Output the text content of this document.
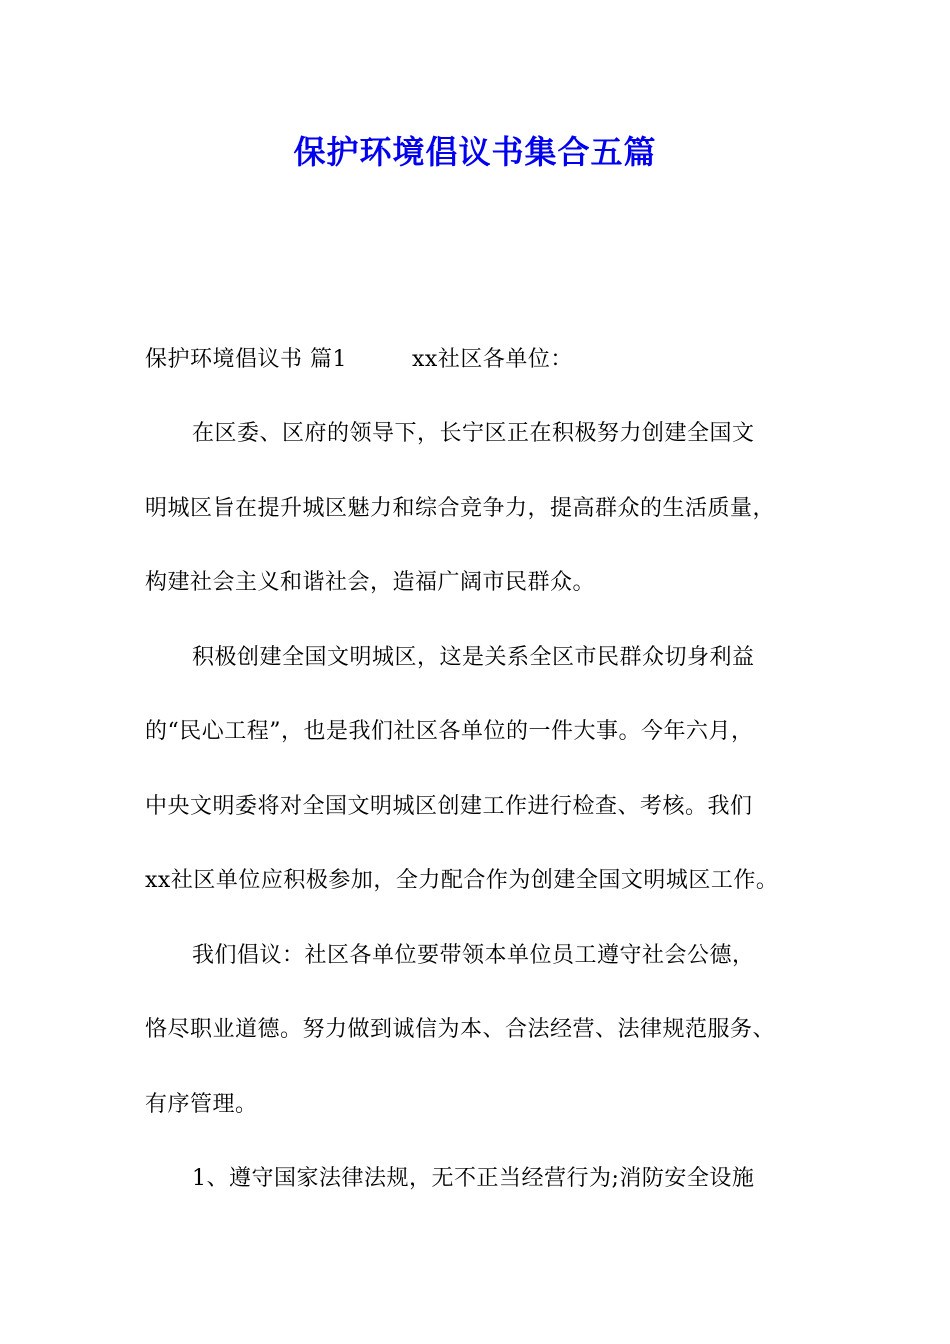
保护环境倡议书集合五篇
保护环境倡议书 篇1	xx社区各单位：

在区委、区府的领导下，长宁区正在积极努力创建全国文

明城区旨在提升城区魅力和综合竞争力，提高群众的生活质量，

构建社会主义和谐社会，造福广阔市民群众。

积极创建全国文明城区，这是关系全区市民群众切身利益

的“民心工程”，也是我们社区各单位的一件大事。今年六月，

中央文明委将对全国文明城区创建工作进行检查、考核。我们

xx社区单位应积极参加，全力配合作为创建全国文明城区工作。

我们倡议：社区各单位要带领本单位员工遵守社会公德，

恪尽职业道德。努力做到诚信为本、合法经营、法律规范服务、

有序管理。

1、遵守国家法律法规，无不正当经营行为;消防安全设施
